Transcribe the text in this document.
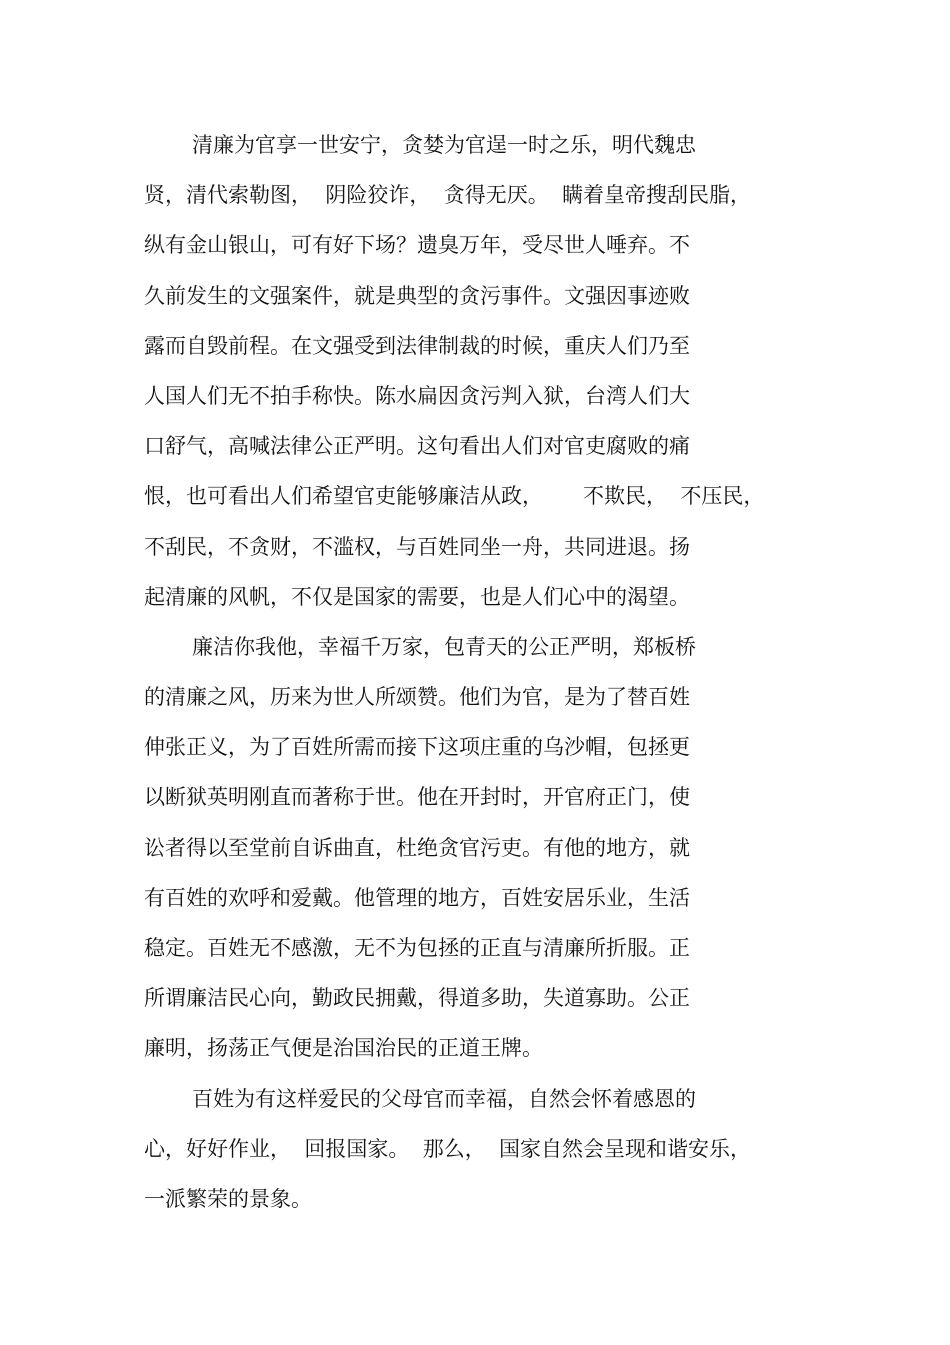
清廉为官享一世安宁，贪婪为官逞一时之乐，明代魏忠
贤，清代索勒图，  阴险狡诈，  贪得无厌。  瞒着皇帝搜刮民脂，
纵有金山银山，可有好下场？遗臭万年，受尽世人唾弃。不
久前发生的文强案件，就是典型的贪污事件。文强因事迹败
露而自毁前程。在文强受到法律制裁的时候，重庆人们乃至
人国人们无不拍手称快。陈水扁因贪污判入狱，台湾人们大
口舒气，高喊法律公正严明。这句看出人们对官吏腐败的痛
恨，也可看出人们希望官吏能够廉洁从政，      不欺民，  不压民，
不刮民，不贪财，不滥权，与百姓同坐一舟，共同进退。扬
起清廉的风帆，不仅是国家的需要，也是人们心中的渴望。
廉洁你我他，幸福千万家，包青天的公正严明，郑板桥
的清廉之风，历来为世人所颂赞。他们为官，是为了替百姓
伸张正义，为了百姓所需而接下这项庄重的乌沙帽，包拯更
以断狱英明刚直而著称于世。他在开封时，开官府正门，使
讼者得以至堂前自诉曲直，杜绝贪官污吏。有他的地方，就
有百姓的欢呼和爱戴。他管理的地方，百姓安居乐业，生活
稳定。百姓无不感激，无不为包拯的正直与清廉所折服。正
所谓廉洁民心向，勤政民拥戴，得道多助，失道寡助。公正
廉明，扬荡正气便是治国治民的正道王牌。
百姓为有这样爱民的父母官而幸福，自然会怀着感恩的
心，好好作业，  回报国家。  那么，  国家自然会呈现和谐安乐，
一派繁荣的景象。
